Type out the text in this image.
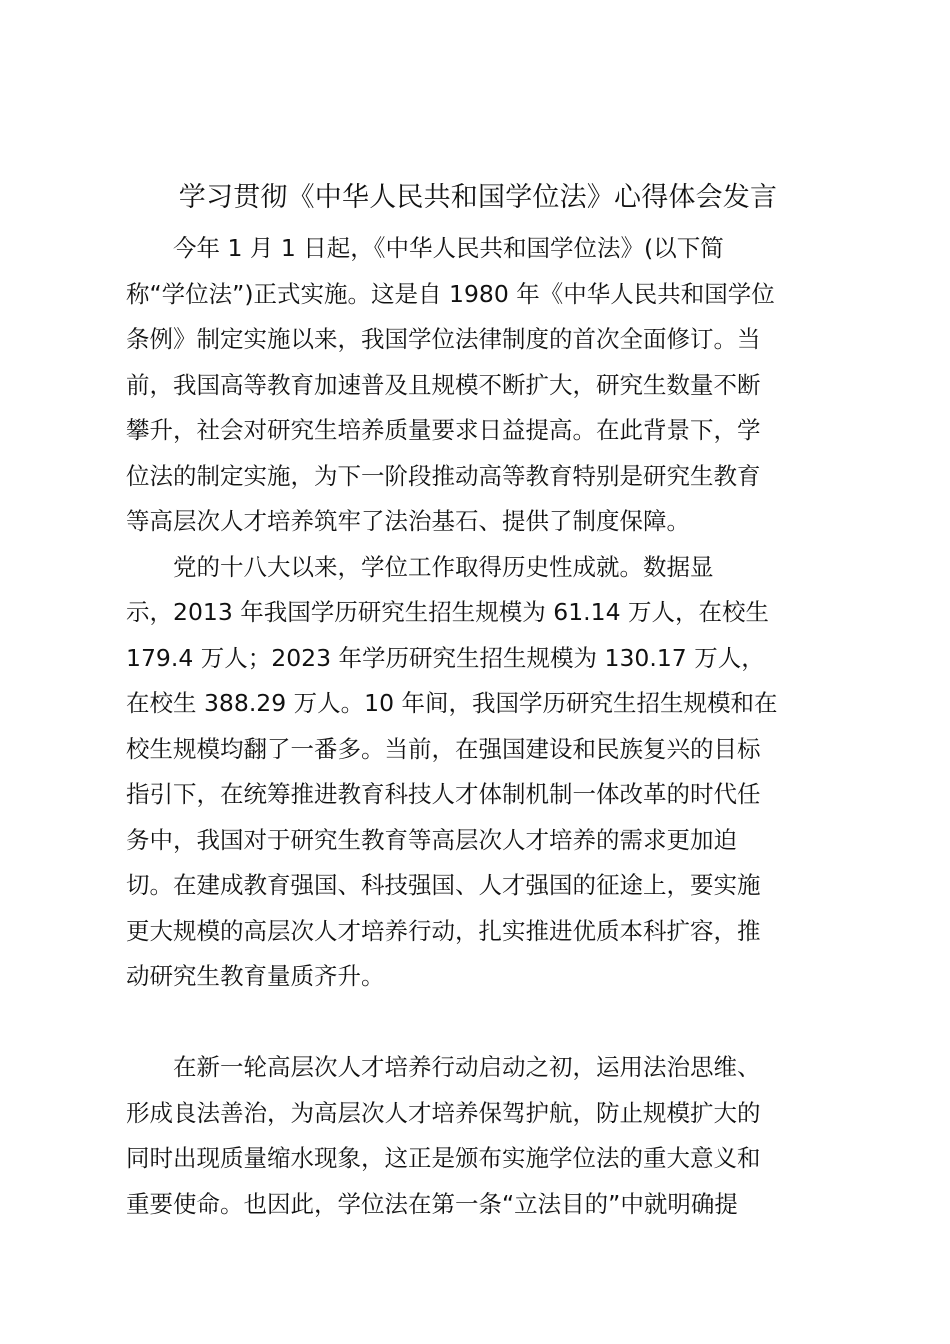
学习贯彻《中华人民共和国学位法》心得体会发言
　　今年 1 月 1 日起，《中华人民共和国学位法》(以下简
称“学位法”)正式实施。这是自 1980 年《中华人民共和国学位
条例》制定实施以来，我国学位法律制度的首次全面修订。当
前，我国高等教育加速普及且规模不断扩大，研究生数量不断
攀升，社会对研究生培养质量要求日益提高。在此背景下，学
位法的制定实施，为下一阶段推动高等教育特别是研究生教育
等高层次人才培养筑牢了法治基石、提供了制度保障。
　　党的十八大以来，学位工作取得历史性成就。数据显
示，2013 年我国学历研究生招生规模为 61.14 万人，在校生
179.4 万人；2023 年学历研究生招生规模为 130.17 万人，
在校生 388.29 万人。10 年间，我国学历研究生招生规模和在
校生规模均翻了一番多。当前，在强国建设和民族复兴的目标
指引下，在统筹推进教育科技人才体制机制一体改革的时代任
务中，我国对于研究生教育等高层次人才培养的需求更加迫
切。在建成教育强国、科技强国、人才强国的征途上，要实施
更大规模的高层次人才培养行动，扎实推进优质本科扩容，推
动研究生教育量质齐升。
　　在新一轮高层次人才培养行动启动之初，运用法治思维、
形成良法善治，为高层次人才培养保驾护航，防止规模扩大的
同时出现质量缩水现象，这正是颁布实施学位法的重大意义和
重要使命。也因此，学位法在第一条“立法目的”中就明确提
